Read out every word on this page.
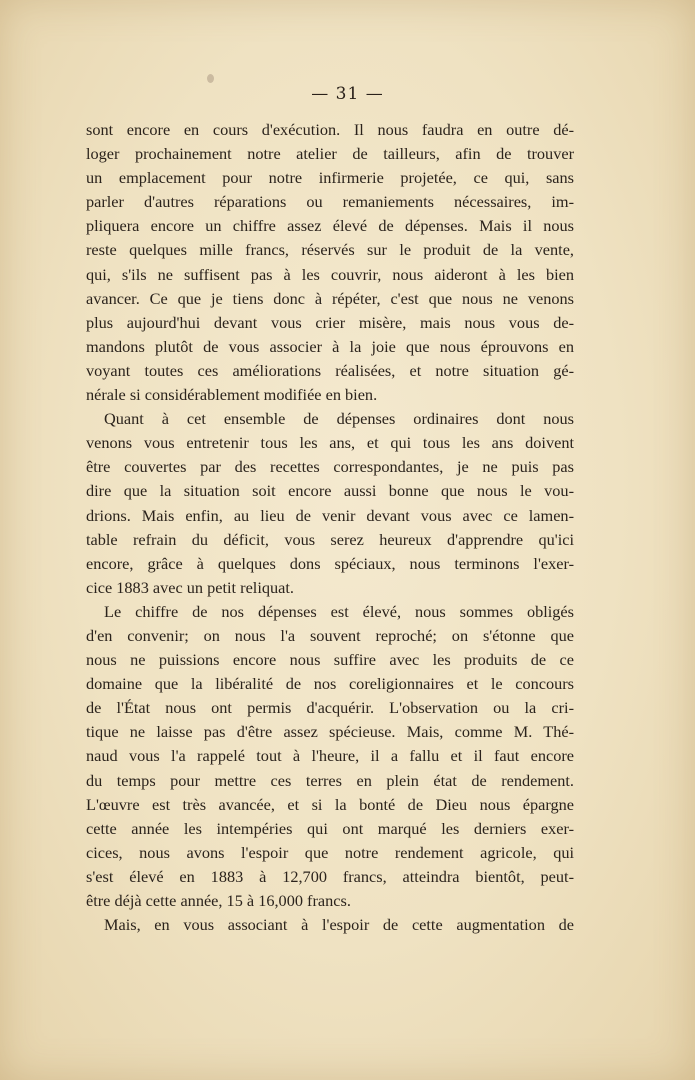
— 31 —
sont encore en cours d'exécution. Il nous faudra en outre dé-
loger prochainement notre atelier de tailleurs, afin de trouver
un emplacement pour notre infirmerie projetée, ce qui, sans
parler d'autres réparations ou remaniements nécessaires, im-
pliquera encore un chiffre assez élevé de dépenses. Mais il nous
reste quelques mille francs, réservés sur le produit de la vente,
qui, s'ils ne suffisent pas à les couvrir, nous aideront à les bien
avancer. Ce que je tiens donc à répéter, c'est que nous ne venons
plus aujourd'hui devant vous crier misère, mais nous vous de-
mandons plutôt de vous associer à la joie que nous éprouvons en
voyant toutes ces améliorations réalisées, et notre situation gé-
nérale si considérablement modifiée en bien.
Quant à cet ensemble de dépenses ordinaires dont nous
venons vous entretenir tous les ans, et qui tous les ans doivent
être couvertes par des recettes correspondantes, je ne puis pas
dire que la situation soit encore aussi bonne que nous le vou-
drions. Mais enfin, au lieu de venir devant vous avec ce lamen-
table refrain du déficit, vous serez heureux d'apprendre qu'ici
encore, grâce à quelques dons spéciaux, nous terminons l'exer-
cice 1883 avec un petit reliquat.
Le chiffre de nos dépenses est élevé, nous sommes obligés
d'en convenir; on nous l'a souvent reproché; on s'étonne que
nous ne puissions encore nous suffire avec les produits de ce
domaine que la libéralité de nos coreligionnaires et le concours
de l'État nous ont permis d'acquérir. L'observation ou la cri-
tique ne laisse pas d'être assez spécieuse. Mais, comme M. Thé-
naud vous l'a rappelé tout à l'heure, il a fallu et il faut encore
du temps pour mettre ces terres en plein état de rendement.
L'œuvre est très avancée, et si la bonté de Dieu nous épargne
cette année les intempéries qui ont marqué les derniers exer-
cices, nous avons l'espoir que notre rendement agricole, qui
s'est élevé en 1883 à 12,700 francs, atteindra bientôt, peut-
être déjà cette année, 15 à 16,000 francs.
Mais, en vous associant à l'espoir de cette augmentation de
